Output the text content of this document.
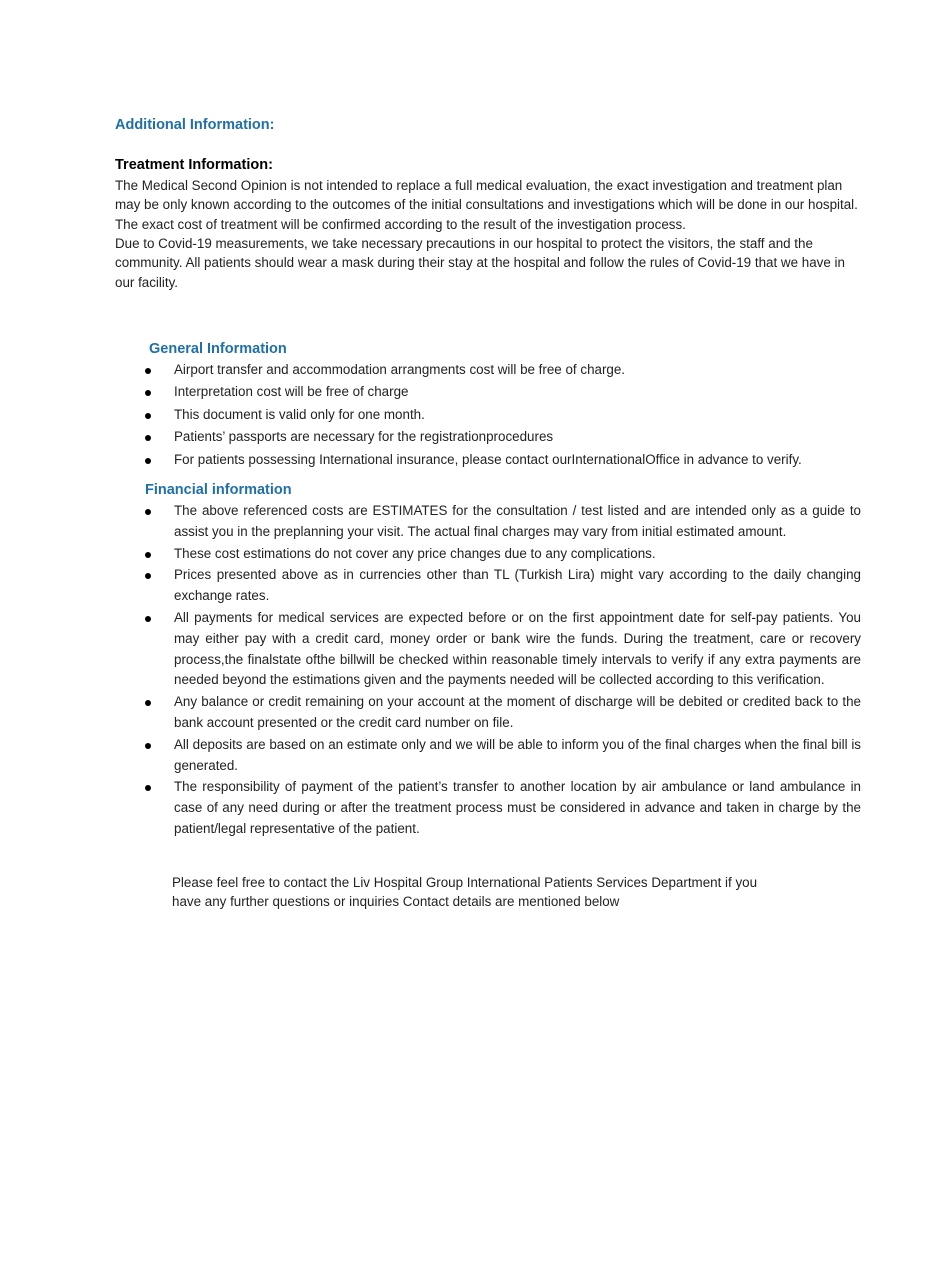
Additional Information:
Treatment Information:
The Medical Second Opinion is not intended to replace a full medical evaluation, the exact investigation and treatment plan may be only known according to the outcomes of the initial consultations and investigations which will be done in our hospital. The exact cost of treatment will be confirmed according to the result of the investigation process.
Due to Covid-19 measurements, we take necessary precautions in our hospital to protect the visitors, the staff and the community. All patients should wear a mask during their stay at the hospital and follow the rules of Covid-19 that we have in our facility.
General Information
Airport transfer and accommodation arrangments cost will be free of charge.
Interpretation cost will be free of charge
This document is valid only for one month.
Patients’ passports are necessary for the registrationprocedures
For patients possessing International insurance, please contact ourInternationalOffice in advance to verify.
Financial information
The above referenced costs are ESTIMATES for the consultation / test listed and are intended only as a guide to assist you in the preplanning your visit. The actual final charges may vary from initial estimated amount.
These cost estimations do not cover any price changes due to any complications.
Prices presented above as in currencies other than TL (Turkish Lira) might vary according to the daily changing exchange rates.
All payments for medical services are expected before or on the first appointment date for self-pay patients. You may either pay with a credit card, money order or bank wire the funds. During the treatment, care or recovery process,the finalstate ofthe billwill be checked within reasonable timely intervals to verify if any extra payments are needed beyond the estimations given and the payments needed will be collected according to this verification.
Any balance or credit remaining on your account at the moment of discharge will be debited or credited back to the bank account presented or the credit card number on file.
All deposits are based on an estimate only and we will be able to inform you of the final charges when the final bill is generated.
The responsibility of payment of the patient’s transfer to another location by air ambulance or land ambulance in case of any need during or after the treatment process must be considered in advance and taken in charge by the patient/legal representative of the patient.
Please feel free to contact the Liv Hospital Group International Patients Services Department if you
have any further questions or inquiries Contact details are mentioned below
